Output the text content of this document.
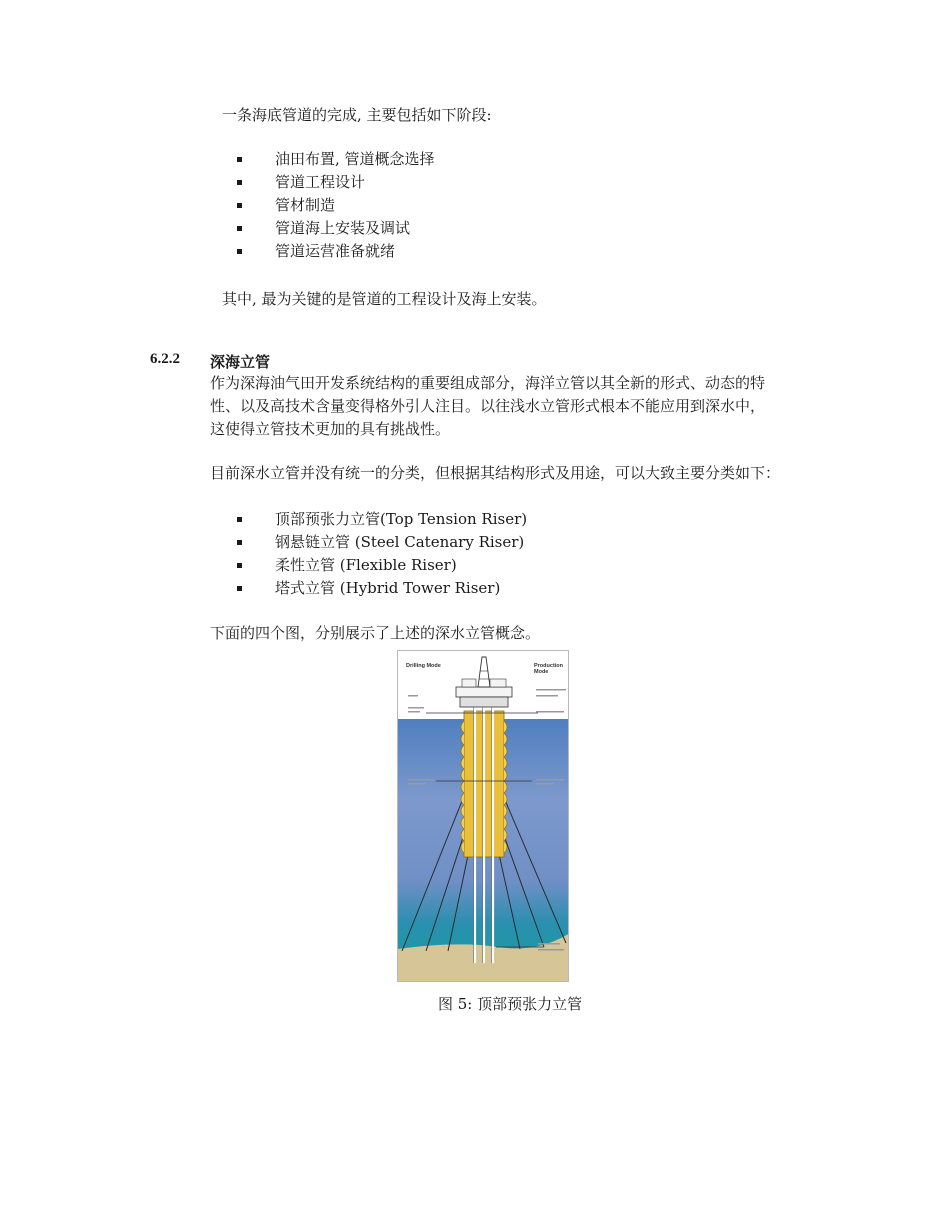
一条海底管道的完成, 主要包括如下阶段:
油田布置, 管道概念选择
管道工程设计
管材制造
管道海上安装及调试
管道运营准备就绪
其中, 最为关键的是管道的工程设计及海上安装。
6.2.2 深海立管
作为深海油气田开发系统结构的重要组成部分，海洋立管以其全新的形式、动态的特
性、以及高技术含量变得格外引人注目。以往浅水立管形式根本不能应用到深水中，
这使得立管技术更加的具有挑战性。
目前深水立管并没有统一的分类，但根据其结构形式及用途，可以大致主要分类如下：
顶部预张力立管(Top Tension Riser)
钢悬链立管 (Steel Catenary Riser)
柔性立管 (Flexible Riser)
塔式立管 (Hybrid Tower Riser)
下面的四个图，分别展示了上述的深水立管概念。
Drilling Mode	Production
Mode
图 5: 顶部预张力立管
